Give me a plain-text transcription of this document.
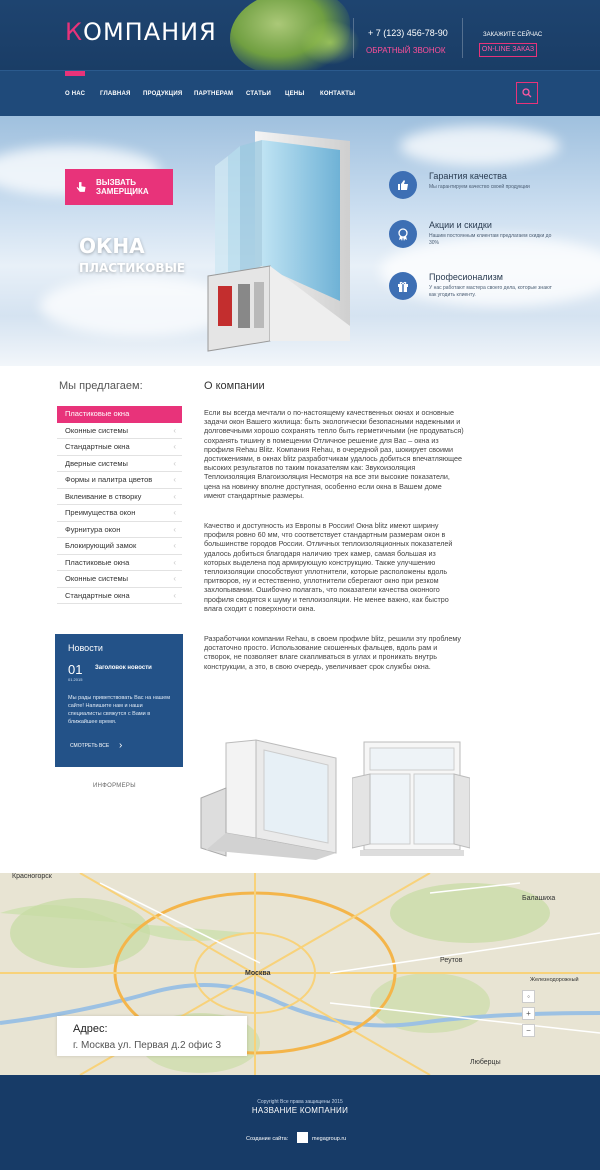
КОМПАНИЯ	+ 7 (123) 456-78-90
ОБРАТНЫЙ ЗВОНОК
ЗАКАЖИТЕ СЕЙЧАС
ON-LINE ЗАКАЗ
О НАС ГЛАВНАЯ ПРОДУКЦИЯ ПАРТНЕРАМ СТАТЬИ ЦЕНЫ	КОНТАКТЫ
ВЫЗВАТЬ ЗАМЕРЩИКА
ОКНА
ПЛАСТИКОВЫЕ
Гарантия качества
Мы гарантируем качество своей продукции
Акции и скидки
Нашим постоянным клиентам предлагаем скидки до 30%
Професионализм
У нас работают мастера своего дела, которые знают как угодить клиенту.
Мы предлагаем:
Пластиковые окна
Оконные системы	‹
Стандартные окна	‹
Дверные системы	‹
Формы и палитра цветов	‹
Вклеивание в створку	‹
Преимущества окон	‹
Фурнитура окон	‹
Блокирующий замок	‹
Пластиковые окна	‹
Оконные системы	‹
Стандартные окна	‹
Новости
01
01.2015
Заголовок новости
Мы рады приветствовать Вас на нашем сайте! Напишите нам и наши специалисты свяжутся с Вами в ближайшее время.
СМОТРЕТЬ ВСЕ ›
ИНФОРМЕРЫ
О компании
Если вы всегда мечтали о по-настоящему качественных окнах и основные задачи окон Вашего жилища: быть экологически безопасными надежными и долговечными хорошо сохранять тепло быть герметичными (не продуваться) сохранять тишину в помещении Отличное решение для Вас – окна из профиля Rehau Blitz. Компания Rehau, в очередной раз, шокирует своими достижениями, в окнах blitz разработчикам удалось добиться впечатляющее высоких результатов по таким показателям как: Звукоизоляция Теплоизоляция Влагоизоляция Несмотря на все эти высокие показатели, цена на новинку вполне доступная, особенно если окна в Вашем доме имеют стандартные размеры.
Качество и доступность из Европы в России! Окна blitz имеют ширину профиля ровно 60 мм, что соответствует стандартным размерам окон в большинстве городов России. Отличных теплоизоляционных показателей удалось добиться благодаря наличию трех камер, самая большая из которых выделена под армирующую конструкцию. Также улучшению теплоизоляции способствуют уплотнители, которые расположены вдоль притворов, ну и естественно, уплотнители сберегают окно при резком захлопывании. Ошибочно полагать, что показатели качества оконного профиля сводятся к шуму и теплоизоляции. Не менее важно, как быстро влага сходит с поверхности окна.
Разработчики компании Rehau, в своем профиле blitz, решили эту проблему достаточно просто. Использование скошенных фальцев, вдоль рам и створок, не позволяет влаге скапливаться в углах и проникать внутрь конструкции, а это, в свою очередь, увеличивает срок службы окна.
Красногорск
Балашиха
Москва
Реутов
Люберцы
Железнодорожный
◦
+
−
Адрес:
г. Москва ул. Первая д.2 офис 3
Copyright Все права защищены 2015
НАЗВАНИЕ КОМПАНИИ
Создание сайта:	megagroup.ru
